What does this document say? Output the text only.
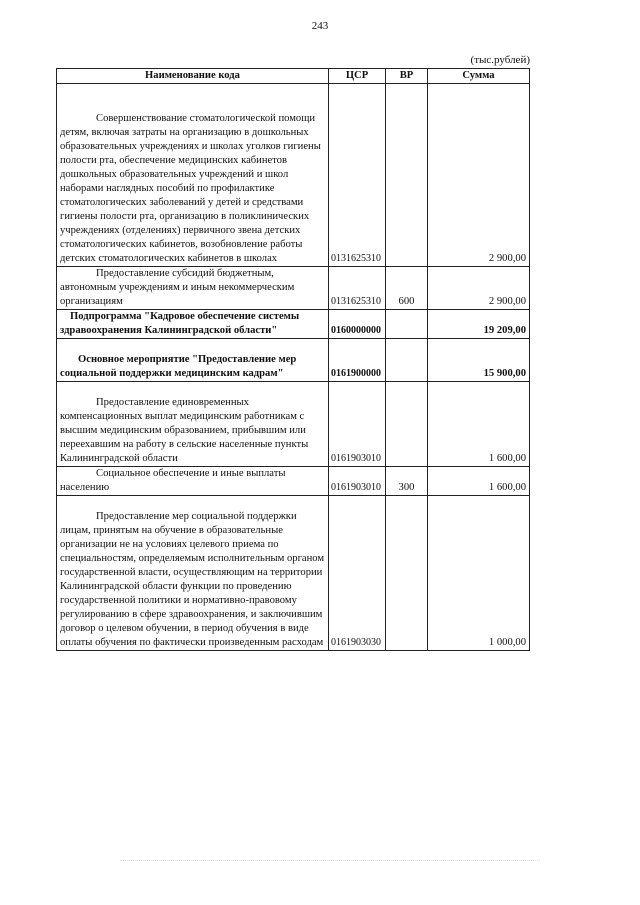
243
(тыс.рублей)
Наименование кода	ЦСР	ВР	Сумма

Совершенствование стоматологической помощи детям, включая затраты на организацию в дошкольных образовательных учреждениях и школах уголков гигиены полости рта, обеспечение медицинских кабинетов дошкольных образовательных учреждений и школ наборами наглядных пособий по профилактике стоматологических заболеваний у детей и средствами гигиены полости рта, организацию в поликлинических учреждениях (отделениях) первичного звена детских стоматологических кабинетов, возобновление работы детских стоматологических кабинетов в школах	0131625310		2 900,00

Предоставление субсидий бюджетным, автономным учреждениям и иным некоммерческим организациям	0131625310	600	2 900,00

Подпрограмма "Кадровое обеспечение системы здравоохранения Калининградской области"	0160000000		19 209,00

Основное мероприятие "Предоставление мер социальной поддержки медицинским кадрам"	0161900000		15 900,00

Предоставление единовременных компенсационных выплат медицинским работникам с высшим медицинским образованием, прибывшим или переехавшим на работу в сельские населенные пункты Калининградской области	0161903010		1 600,00

Социальное обеспечение и иные выплаты населению	0161903010	300	1 600,00

Предоставление мер социальной поддержки лицам, принятым на обучение в образовательные организации не на условиях целевого приема по специальностям, определяемым исполнительным органом государственной власти, осуществляющим на территории Калининградской области функции по проведению государственной политики и нормативно-правовому регулированию в сфере здравоохранения, и заключившим договор о целевом обучении, в период обучения в виде оплаты обучения по фактически произведенным расходам	0161903030		1 000,00
